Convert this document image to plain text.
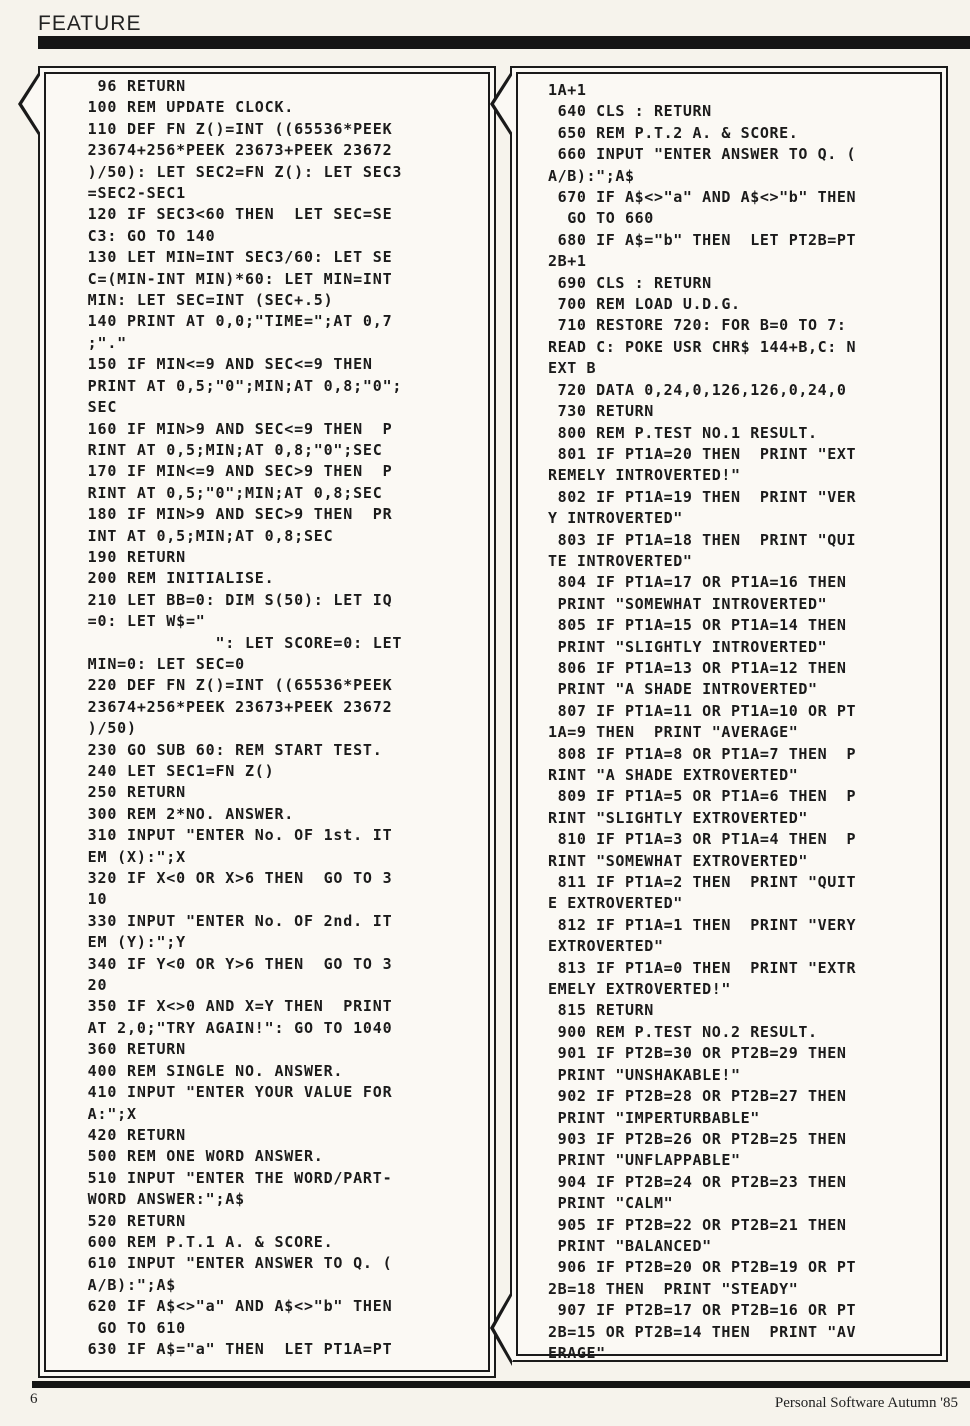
FEATURE
96 RETURN
100 REM UPDATE CLOCK.
110 DEF FN Z()=INT ((65536*PEEK
23674+256*PEEK 23673+PEEK 23672
)/50): LET SEC2=FN Z(): LET SEC3
=SEC2-SEC1
120 IF SEC3<60 THEN  LET SEC=SE
C3: GO TO 140
130 LET MIN=INT SEC3/60: LET SE
C=(MIN-INT MIN)*60: LET MIN=INT
MIN: LET SEC=INT (SEC+.5)
140 PRINT AT 0,0;"TIME=";AT 0,7
;"."
150 IF MIN<=9 AND SEC<=9 THEN
PRINT AT 0,5;"0";MIN;AT 0,8;"0";
SEC
160 IF MIN>9 AND SEC<=9 THEN  P
RINT AT 0,5;MIN;AT 0,8;"0";SEC
170 IF MIN<=9 AND SEC>9 THEN  P
RINT AT 0,5;"0";MIN;AT 0,8;SEC
180 IF MIN>9 AND SEC>9 THEN  PR
INT AT 0,5;MIN;AT 0,8;SEC
190 RETURN
200 REM INITIALISE.
210 LET BB=0: DIM S(50): LET IQ
=0: LET W$="
": LET SCORE=0: LET
MIN=0: LET SEC=0
220 DEF FN Z()=INT ((65536*PEEK
23674+256*PEEK 23673+PEEK 23672
)/50)
230 GO SUB 60: REM START TEST.
240 LET SEC1=FN Z()
250 RETURN
300 REM 2*NO. ANSWER.
310 INPUT "ENTER No. OF 1st. IT
EM (X):";X
320 IF X<0 OR X>6 THEN  GO TO 3
10
330 INPUT "ENTER No. OF 2nd. IT
EM (Y):";Y
340 IF Y<0 OR Y>6 THEN  GO TO 3
20
350 IF X<>0 AND X=Y THEN  PRINT
AT 2,0;"TRY AGAIN!": GO TO 1040
360 RETURN
400 REM SINGLE NO. ANSWER.
410 INPUT "ENTER YOUR VALUE FOR
A:";X
420 RETURN
500 REM ONE WORD ANSWER.
510 INPUT "ENTER THE WORD/PART-
WORD ANSWER:";A$
520 RETURN
600 REM P.T.1 A. & SCORE.
610 INPUT "ENTER ANSWER TO Q. (
A/B):";A$
620 IF A$<>"a" AND A$<>"b" THEN
GO TO 610
630 IF A$="a" THEN  LET PT1A=PT
1A+1
640 CLS : RETURN
650 REM P.T.2 A. & SCORE.
660 INPUT "ENTER ANSWER TO Q. (
A/B):";A$
670 IF A$<>"a" AND A$<>"b" THEN
GO TO 660
680 IF A$="b" THEN  LET PT2B=PT
2B+1
690 CLS : RETURN
700 REM LOAD U.D.G.
710 RESTORE 720: FOR B=0 TO 7:
READ C: POKE USR CHR$ 144+B,C: N
EXT B
720 DATA 0,24,0,126,126,0,24,0
730 RETURN
800 REM P.TEST NO.1 RESULT.
801 IF PT1A=20 THEN  PRINT "EXT
REMELY INTROVERTED!"
802 IF PT1A=19 THEN  PRINT "VER
Y INTROVERTED"
803 IF PT1A=18 THEN  PRINT "QUI
TE INTROVERTED"
804 IF PT1A=17 OR PT1A=16 THEN
PRINT "SOMEWHAT INTROVERTED"
805 IF PT1A=15 OR PT1A=14 THEN
PRINT "SLIGHTLY INTROVERTED"
806 IF PT1A=13 OR PT1A=12 THEN
PRINT "A SHADE INTROVERTED"
807 IF PT1A=11 OR PT1A=10 OR PT
1A=9 THEN  PRINT "AVERAGE"
808 IF PT1A=8 OR PT1A=7 THEN  P
RINT "A SHADE EXTROVERTED"
809 IF PT1A=5 OR PT1A=6 THEN  P
RINT "SLIGHTLY EXTROVERTED"
810 IF PT1A=3 OR PT1A=4 THEN  P
RINT "SOMEWHAT EXTROVERTED"
811 IF PT1A=2 THEN  PRINT "QUIT
E EXTROVERTED"
812 IF PT1A=1 THEN  PRINT "VERY
EXTROVERTED"
813 IF PT1A=0 THEN  PRINT "EXTR
EMELY EXTROVERTED!"
815 RETURN
900 REM P.TEST NO.2 RESULT.
901 IF PT2B=30 OR PT2B=29 THEN
PRINT "UNSHAKABLE!"
902 IF PT2B=28 OR PT2B=27 THEN
PRINT "IMPERTURBABLE"
903 IF PT2B=26 OR PT2B=25 THEN
PRINT "UNFLAPPABLE"
904 IF PT2B=24 OR PT2B=23 THEN
PRINT "CALM"
905 IF PT2B=22 OR PT2B=21 THEN
PRINT "BALANCED"
906 IF PT2B=20 OR PT2B=19 OR PT
2B=18 THEN  PRINT "STEADY"
907 IF PT2B=17 OR PT2B=16 OR PT
2B=15 OR PT2B=14 THEN  PRINT "AV
ERAGE"
6	Personal Software Autumn '85
